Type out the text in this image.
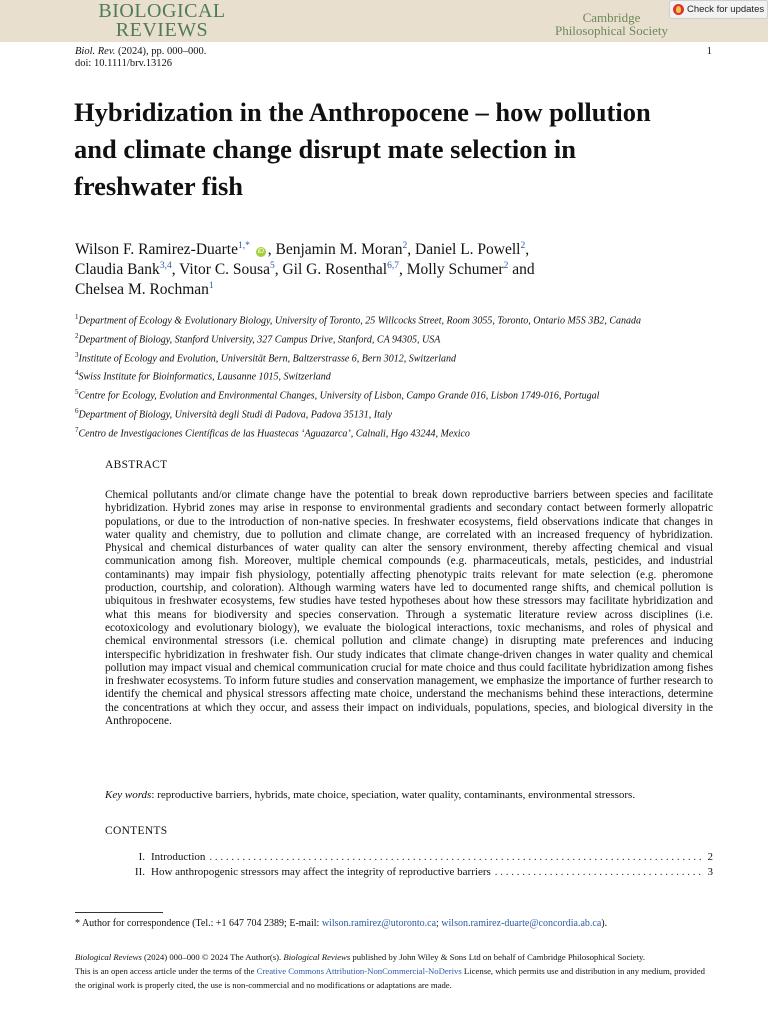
BIOLOGICAL
REVIEWS
Cambridge
Philosophical Society
Check for updates
Biol. Rev. (2024), pp. 000–000.
doi: 10.1111/brv.13126
1
Hybridization in the Anthropocene – how pollution and climate change disrupt mate selection in freshwater fish
Wilson F. Ramirez-Duarte$^{1,*}$ iD , Benjamin M. Moran$^2$, Daniel L. Powell$^2$,
Claudia Bank$^{3,4}$, Vitor C. Sousa$^5$, Gil G. Rosenthal$^{6,7}$, Molly Schumer$^2$ and
Chelsea M. Rochman$^1$
$^1$Department of Ecology & Evolutionary Biology, University of Toronto, 25 Willcocks Street, Room 3055, Toronto, Ontario M5S 3B2, Canada
$^2$Department of Biology, Stanford University, 327 Campus Drive, Stanford, CA 94305, USA
$^3$Institute of Ecology and Evolution, Universität Bern, Baltzerstrasse 6, Bern 3012, Switzerland
$^4$Swiss Institute for Bioinformatics, Lausanne 1015, Switzerland
$^5$Centre for Ecology, Evolution and Environmental Changes, University of Lisbon, Campo Grande 016, Lisbon 1749-016, Portugal
$^6$Department of Biology, Università degli Studi di Padova, Padova 35131, Italy
$^7$Centro de Investigaciones Científicas de las Huastecas ‘Aguazarca’, Calnali, Hgo 43244, Mexico
ABSTRACT
Chemical pollutants and/or climate change have the potential to break down reproductive barriers between species and facilitate hybridization. Hybrid zones may arise in response to environmental gradients and secondary contact between formerly allopatric populations, or due to the introduction of non-native species. In freshwater ecosystems, field observations indicate that changes in water quality and chemistry, due to pollution and climate change, are correlated with an increased frequency of hybridization. Physical and chemical disturbances of water quality can alter the sensory environment, thereby affecting chemical and visual communication among fish. Moreover, multiple chemical compounds (e.g. pharmaceuticals, metals, pesticides, and industrial contaminants) may impair fish physiology, potentially affecting phenotypic traits relevant for mate selection (e.g. pheromone production, courtship, and coloration). Although warming waters have led to documented range shifts, and chemical pollution is ubiquitous in freshwater ecosystems, few studies have tested hypotheses about how these stressors may facilitate hybridization and what this means for biodiversity and species conservation. Through a systematic literature review across disciplines (i.e. ecotoxicology and evolutionary biology), we evaluate the biological interactions, toxic mechanisms, and roles of physical and chemical environmental stressors (i.e. chemical pollution and climate change) in disrupting mate preferences and inducing interspecific hybridization in freshwater fish. Our study indicates that climate change-driven changes in water quality and chemical pollution may impact visual and chemical communication crucial for mate choice and thus could facilitate hybridization among fishes in freshwater ecosystems. To inform future studies and conservation management, we emphasize the importance of further research to identify the chemical and physical stressors affecting mate choice, understand the mechanisms behind these interactions, determine the concentrations at which they occur, and assess their impact on individuals, populations, species, and biological diversity in the Anthropocene.
Key words: reproductive barriers, hybrids, mate choice, speciation, water quality, contaminants, environmental stressors.
CONTENTS
I. Introduction . . .	2
II. How anthropogenic stressors may affect the integrity of reproductive barriers . . .	3
* Author for correspondence (Tel.: +1 647 704 2389; E-mail: wilson.ramirez@utoronto.ca; wilson.ramirez-duarte@concordia.ab.ca).
Biological Reviews (2024) 000–000 © 2024 The Author(s). Biological Reviews published by John Wiley & Sons Ltd on behalf of Cambridge Philosophical Society.
This is an open access article under the terms of the Creative Commons Attribution-NonCommercial-NoDerivs License, which permits use and distribution in any medium, provided the original work is properly cited, the use is non-commercial and no modifications or adaptations are made.
